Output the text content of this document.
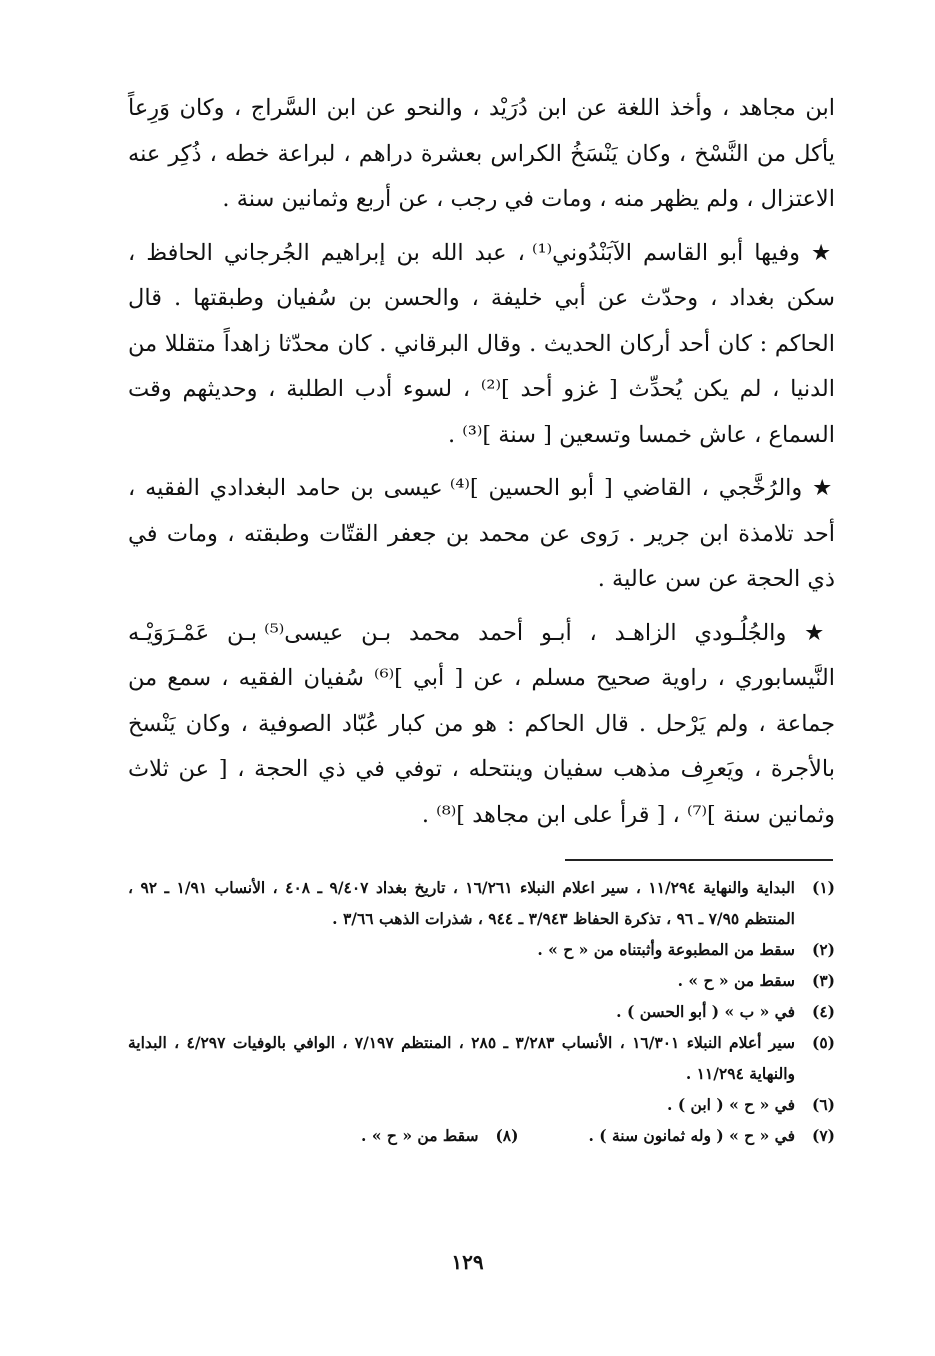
ابن مجاهد ، وأخذ اللغة عن ابن دُرَيْد ، والنحو عن ابن السَّراج ، وكان وَرِعاً يأكل من النَّسْخ ، وكان يَنْسَخُ الكراس بعشرة دراهم ، لبراعة خطه ، ذُكِر عنه الاعتزال ، ولم يظهر منه ، ومات في رجب ، عن أربع وثمانين سنة .

★ وفيها أبو القاسم الآبَنْدُوني⁽¹⁾ ، عبد الله بن إبراهيم الجُرجاني الحافظ ، سكن بغداد ، وحدّث عن أبي خليفة ، والحسن بن سُفيان وطبقتها . قال الحاكم : كان أحد أركان الحديث . وقال البرقاني . كان محدّثا زاهداً متقللا من الدنيا ، لم يكن يُحدِّث [ غزو أحد ]⁽²⁾ ، لسوء أدب الطلبة ، وحديثهم وقت السماع ، عاش خمسا وتسعين [ سنة ]⁽³⁾ .

★ والرُخَّجي ، القاضي [ أبو الحسين ]⁽⁴⁾ عيسى بن حامد البغدادي الفقيه ، أحد تلامذة ابن جرير . رَوى عن محمد بن جعفر القتّات وطبقته ، ومات في ذي الحجة عن سن عالية .

★ والجُلُـودي الزاهـد ، أبـو أحمد محمد بـن عيسى⁽⁵⁾ بـن عَمْـرَوَيْـه النَّيسابوري ، راوية صحيح مسلم ، عن [ أبي ]⁽⁶⁾ سُفيان الفقيه ، سمع من جماعة ، ولم يَرْحل . قال الحاكم : هو من كبار عُبّاد الصوفية ، وكان يَنْسخ بالأجرة ، ويَعرِف مذهب سفيان وينتحله ، توفي في ذي الحجة ، [ عن ثلاث وثمانين سنة ]⁽⁷⁾ ، [ قرأ على ابن مجاهد ]⁽⁸⁾ .

(١)
البداية والنهاية ١١/٢٩٤ ، سير اعلام النبلاء ١٦/٢٦١ ، تاريخ بغداد ٩/٤٠٧ ـ ٤٠٨ ، الأنساب ١/٩١ ـ ٩٢ ، المنتظم ٧/٩٥ ـ ٩٦ ، تذكرة الحفاظ ٣/٩٤٣ ـ ٩٤٤ ، شذرات الذهب ٣/٦٦ .
(٢)
سقط من المطبوعة وأثبتناه من « ح » .
(٣)
سقط من « ح » .
(٤)
في « ب » ( أبو الحسن ) .
(٥)
سير أعلام النبلاء ١٦/٣٠١ ، الأنساب ٣/٢٨٣ ـ ٢٨٥ ، المنتظم ٧/١٩٧ ، الوافي بالوفيات ٤/٢٩٧ ، البداية والنهاية ١١/٢٩٤ .
(٦)
في « ح » ( ابن ) .
(٧)
في « ح » ( وله ثمانون سنة ) .
(٨)
سقط من « ح » .
١٢٩
